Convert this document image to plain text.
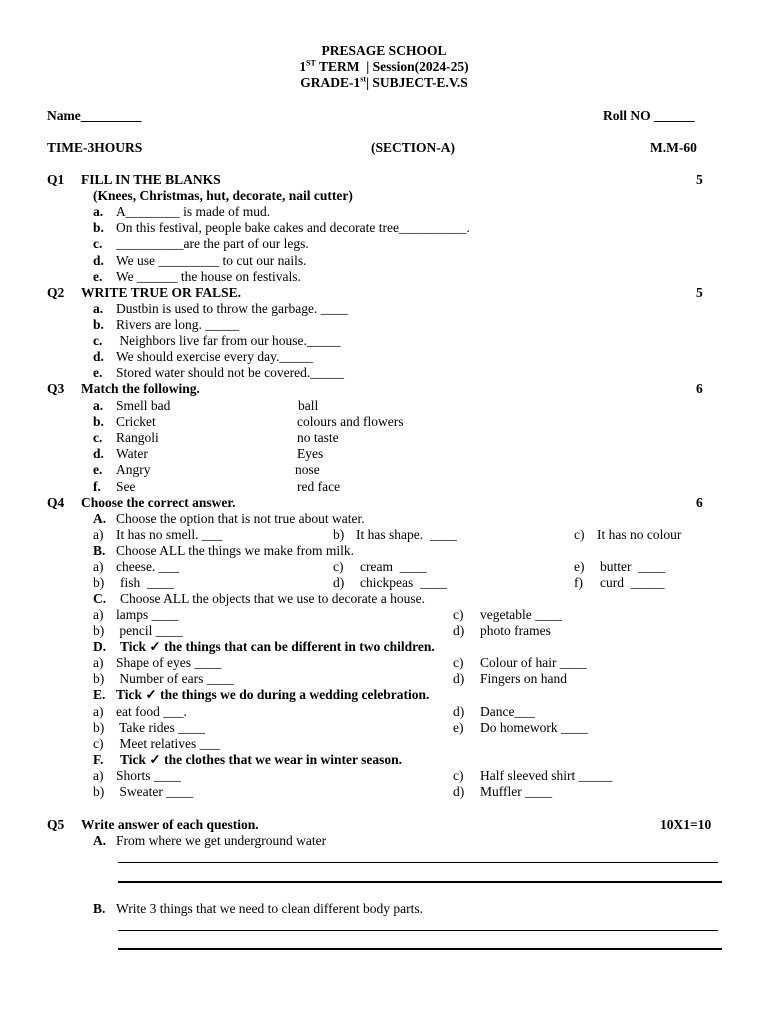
PRESAGE SCHOOL
1ST TERM  | Session(2024-25)
GRADE-1st| SUBJECT-E.V.S
Name_________	Roll NO ______
TIME-3HOURS	(SECTION-A)	M.M-60
Q1 FILL IN THE BLANKS	5
(Knees, Christmas, hut, decorate, nail cutter)
a. A________ is made of mud.
b. On this festival, people bake cakes and decorate tree__________.
c. __________are the part of our legs.
d. We use _________ to cut our nails.
e. We ______ the house on festivals.
Q2 WRITE TRUE OR FALSE.	5
a. Dustbin is used to throw the garbage. ____
b. Rivers are long. _____
c. Neighbors live far from our house._____
d. We should exercise every day._____
e. Stored water should not be covered._____
Q3 Match the following.	6
a. Smell bad	ball
b. Cricket	colours and flowers
c. Rangoli	no taste
d. Water	Eyes
e. Angry	nose
f. See	red face
Q4 Choose the correct answer.	6
A. Choose the option that is not true about water.
a) It has no smell. ___	b) It has shape.  ____	c) It has no colour
B. Choose ALL the things we make from milk.
a) cheese. ___	c) cream  ____	e) butter  ____
b) fish  ____	d) chickpeas  ____	f) curd  _____
C. Choose ALL the objects that we use to decorate a house.
a) lamps ____	c) vegetable ____
b) pencil ____	d) photo frames
D. Tick ✓ the things that can be different in two children.
a) Shape of eyes ____	c) Colour of hair ____
b) Number of ears ____	d) Fingers on hand
E. Tick ✓ the things we do during a wedding celebration.
a) eat food ___.	d) Dance___
b) Take rides ____	e) Do homework ____
c) Meet relatives ___
F. Tick ✓ the clothes that we wear in winter season.
a) Shorts ____	c) Half sleeved shirt _____
b) Sweater ____	d) Muffler ____
Q5 Write answer of each question.	10X1=10
A. From where we get underground water
B. Write 3 things that we need to clean different body parts.
